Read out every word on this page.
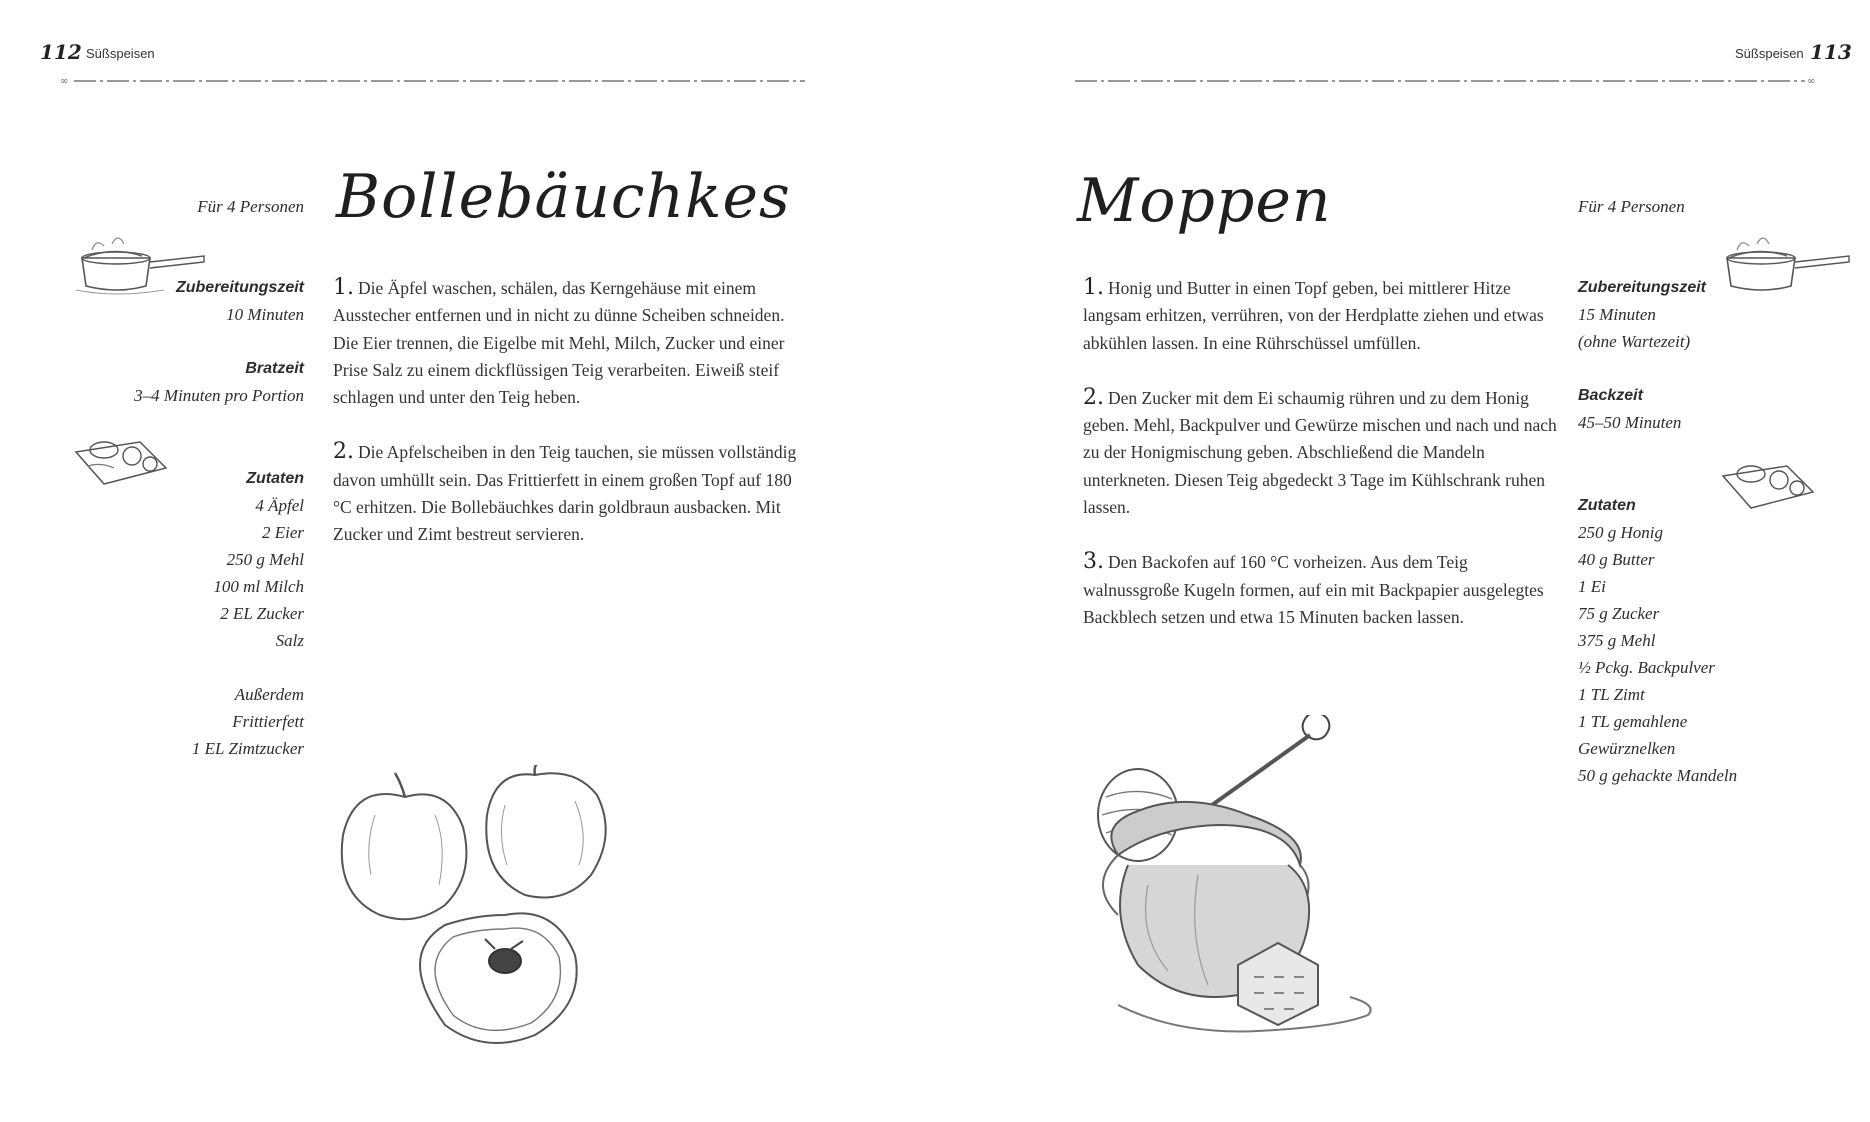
112 Süßspeisen
∞
Bollebäuchkes
Für 4 Personen
Zubereitungszeit
10 Minuten
Bratzeit
3–4 Minuten pro Portion
Zutaten
4 Äpfel
2 Eier
250 g Mehl
100 ml Milch
2 EL Zucker
Salz
Außerdem
Frittierfett
1 EL Zimtzucker

1. Die Äpfel waschen, schälen, das Kerngehäuse mit einem Ausstecher entfernen und in nicht zu dünne Scheiben schneiden. Die Eier trennen, die Eigelbe mit Mehl, Milch, Zucker und einer Prise Salz zu einem dickflüssigen Teig verarbeiten. Eiweiß steif schlagen und unter den Teig heben.

2. Die Apfelscheiben in den Teig tauchen, sie müssen vollständig davon umhüllt sein. Das Frittierfett in einem großen Topf auf 180 °C erhitzen. Die Bollebäuchkes darin goldbraun ausbacken. Mit Zucker und Zimt bestreut servieren.

Süßspeisen 113
∞
Moppen	Für 4 Personen
Zubereitungszeit
15 Minuten
(ohne Wartezeit)
Backzeit
45–50 Minuten
Zutaten
250 g Honig
40 g Butter
1 Ei
75 g Zucker
375 g Mehl
½ Pckg. Backpulver
1 TL Zimt
1 TL gemahlene
Gewürznelken
50 g gehackte Mandeln

1. Honig und Butter in einen Topf geben, bei mittlerer Hitze langsam erhitzen, verrühren, von der Herdplatte ziehen und etwas abkühlen lassen. In eine Rührschüssel umfüllen.

2. Den Zucker mit dem Ei schaumig rühren und zu dem Honig geben. Mehl, Backpulver und Gewürze mischen und nach und nach zu der Honigmischung geben. Abschließend die Mandeln unterkneten. Diesen Teig abgedeckt 3 Tage im Kühlschrank ruhen lassen.

3. Den Backofen auf 160 °C vorheizen. Aus dem Teig walnussgroße Kugeln formen, auf ein mit Backpapier ausgelegtes Backblech setzen und etwa 15 Minuten backen lassen.
